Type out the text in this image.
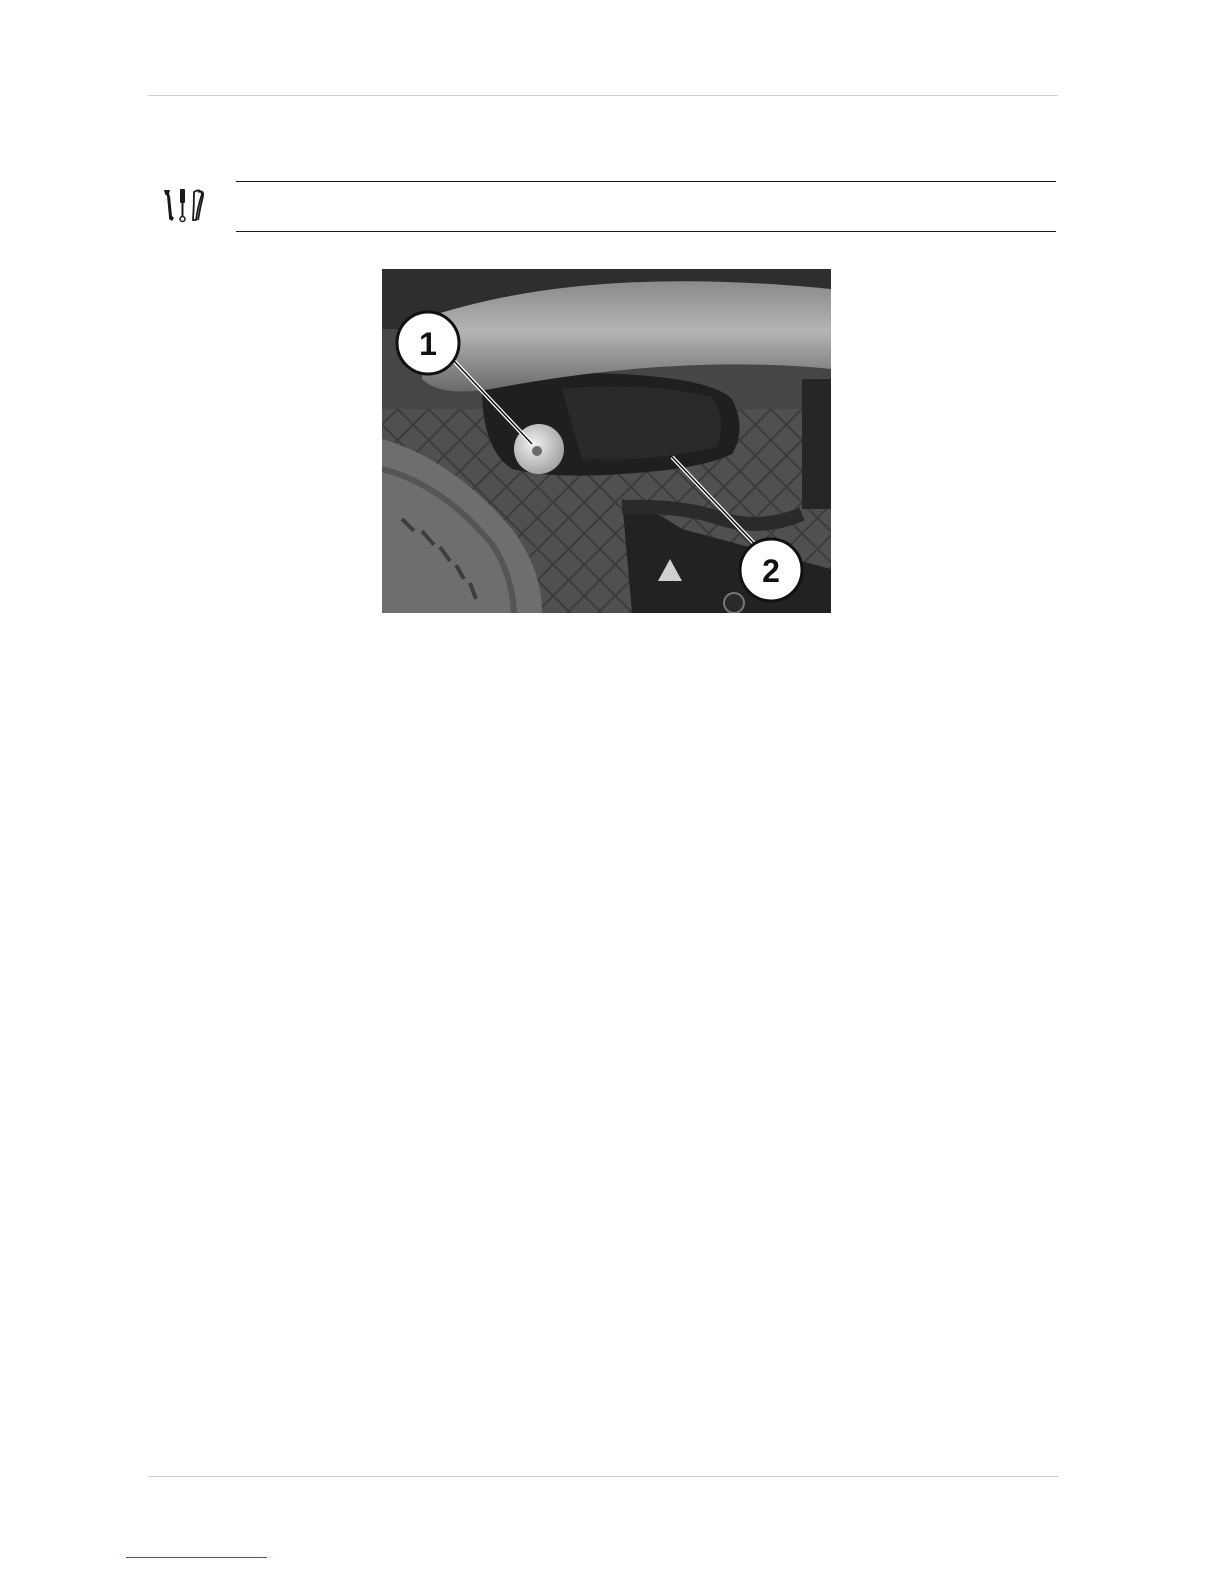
1
2
